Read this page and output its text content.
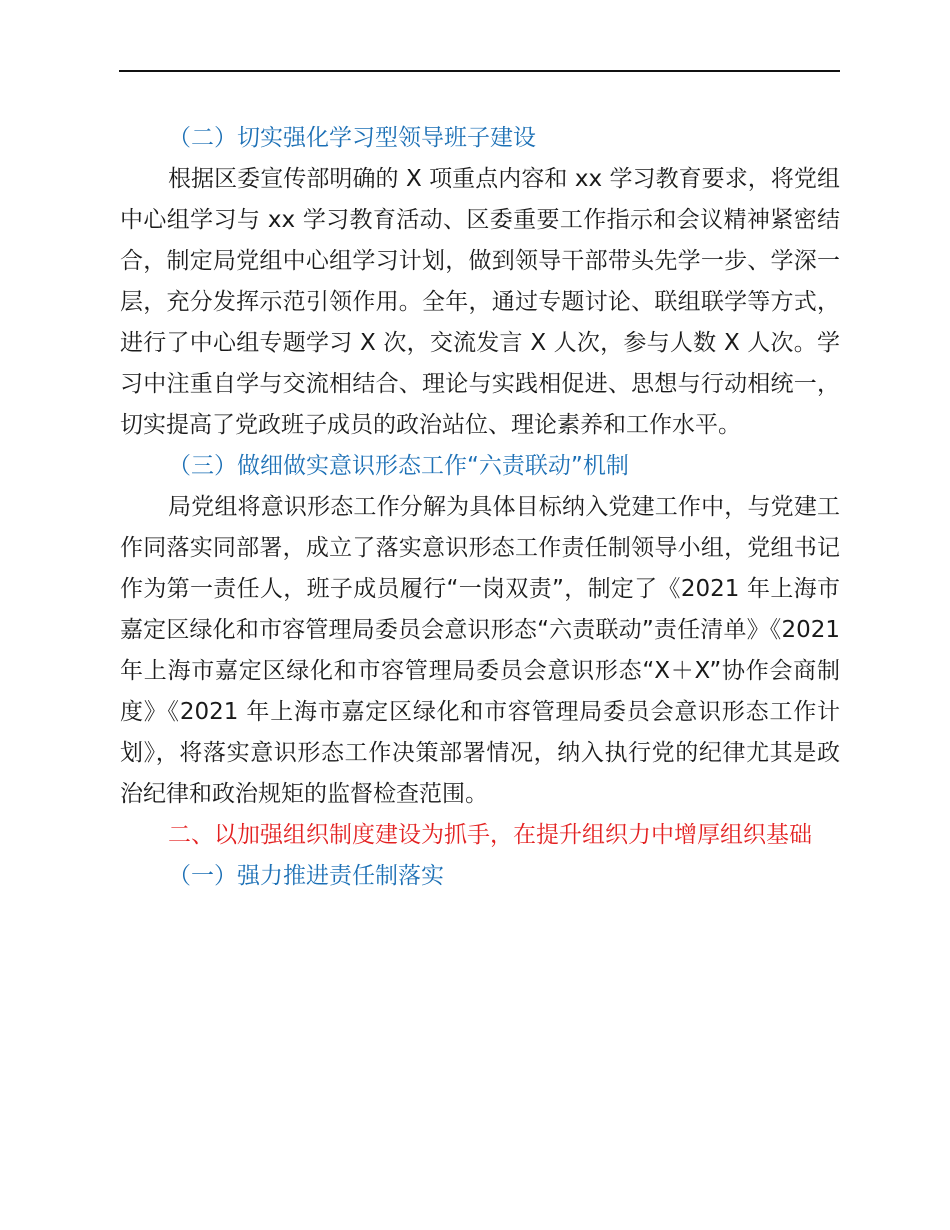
（二）切实强化学习型领导班子建设

根据区委宣传部明确的 X 项重点内容和 xx 学习教育要求，将党组中心组学习与 xx 学习教育活动、区委重要工作指示和会议精神紧密结合，制定局党组中心组学习计划，做到领导干部带头先学一步、学深一层，充分发挥示范引领作用。全年，通过专题讨论、联组联学等方式，进行了中心组专题学习 X 次，交流发言 X 人次，参与人数 X 人次。学习中注重自学与交流相结合、理论与实践相促进、思想与行动相统一，切实提高了党政班子成员的政治站位、理论素养和工作水平。

（三）做细做实意识形态工作“六责联动”机制

局党组将意识形态工作分解为具体目标纳入党建工作中，与党建工作同落实同部署，成立了落实意识形态工作责任制领导小组，党组书记作为第一责任人，班子成员履行“一岗双责”，制定了《2021 年上海市嘉定区绿化和市容管理局委员会意识形态“六责联动”责任清单》《2021 年上海市嘉定区绿化和市容管理局委员会意识形态“X＋X”协作会商制度》《2021 年上海市嘉定区绿化和市容管理局委员会意识形态工作计划》，将落实意识形态工作决策部署情况，纳入执行党的纪律尤其是政治纪律和政治规矩的监督检查范围。

二、以加强组织制度建设为抓手，在提升组织力中增厚组织基础

（一）强力推进责任制落实
